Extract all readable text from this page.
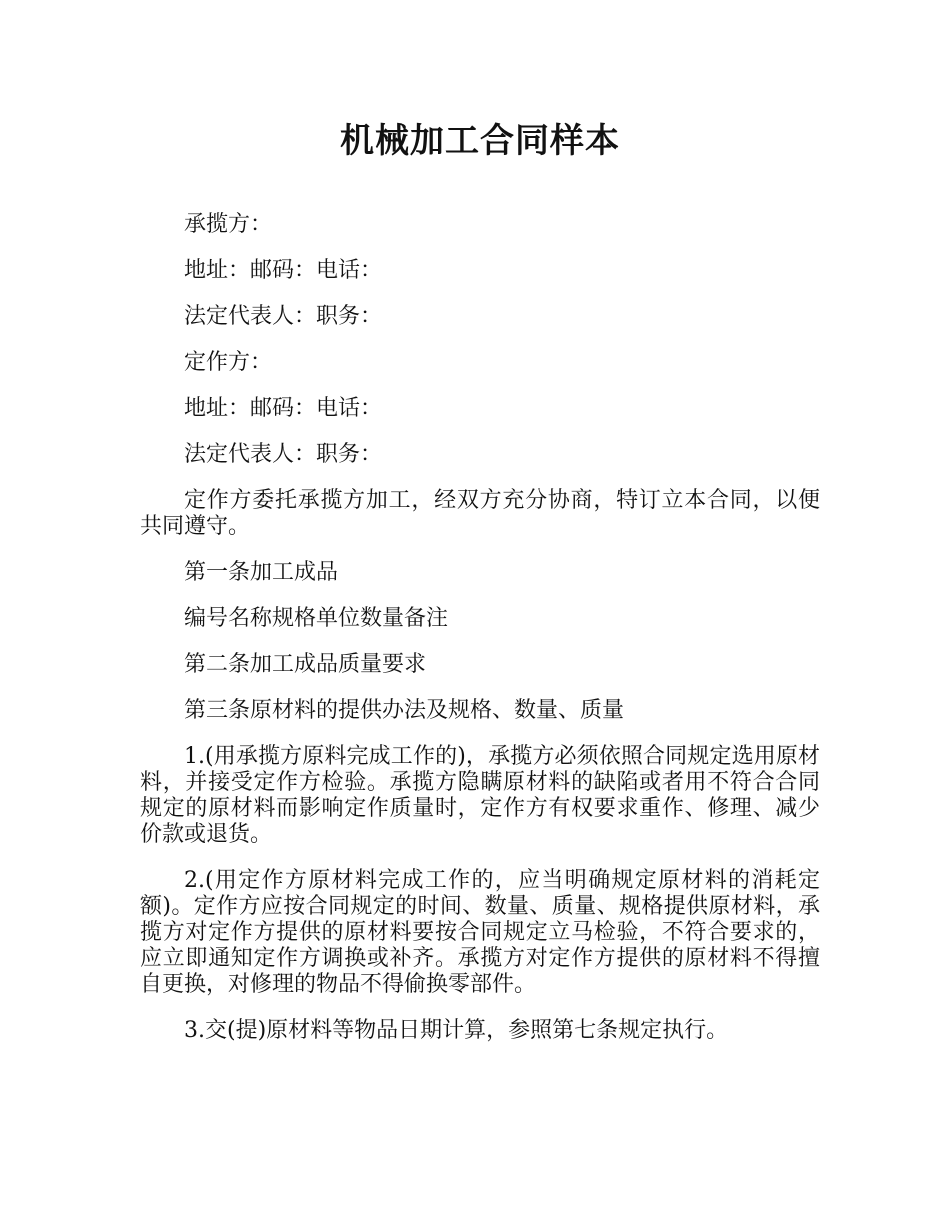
机械加工合同样本

承揽方：

地址：邮码：电话：

法定代表人：职务：

定作方：

地址：邮码：电话：

法定代表人：职务：

定作方委托承揽方加工，经双方充分协商，特订立本合同，以便共同遵守。

第一条加工成品

编号名称规格单位数量备注

第二条加工成品质量要求

第三条原材料的提供办法及规格、数量、质量

1.(用承揽方原料完成工作的)，承揽方必须依照合同规定选用原材料，并接受定作方检验。承揽方隐瞒原材料的缺陷或者用不符合合同规定的原材料而影响定作质量时，定作方有权要求重作、修理、减少价款或退货。

2.(用定作方原材料完成工作的，应当明确规定原材料的消耗定额)。定作方应按合同规定的时间、数量、质量、规格提供原材料，承揽方对定作方提供的原材料要按合同规定立马检验，不符合要求的，应立即通知定作方调换或补齐。承揽方对定作方提供的原材料不得擅自更换，对修理的物品不得偷换零部件。

3.交(提)原材料等物品日期计算，参照第七条规定执行。
